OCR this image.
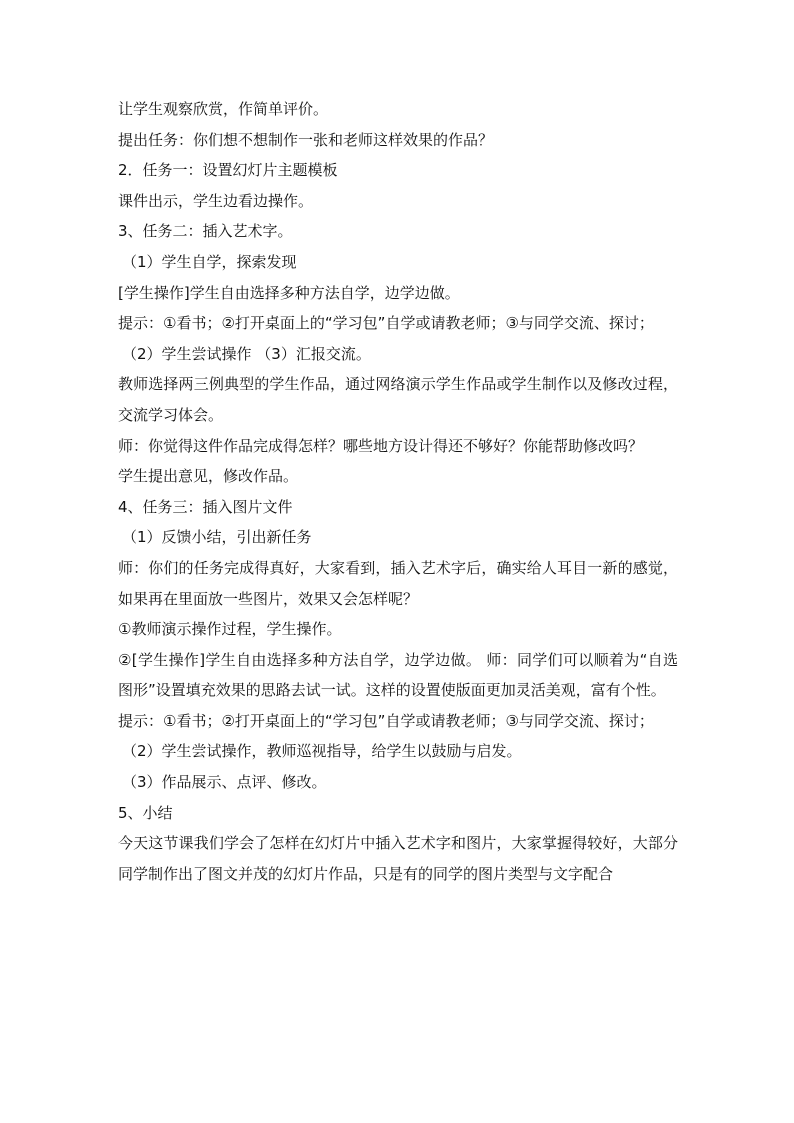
让学生观察欣赏，作简单评价。

提出任务：你们想不想制作一张和老师这样效果的作品？

2．任务一：设置幻灯片主题模板

课件出示，学生边看边操作。

3、任务二：插入艺术字。

（1）学生自学，探索发现

[学生操作]学生自由选择多种方法自学，边学边做。

提示：①看书；②打开桌面上的“学习包”自学或请教老师；③与同学交流、探讨；

（2）学生尝试操作 （3）汇报交流。

教师选择两三例典型的学生作品，通过网络演示学生作品或学生制作以及修改过程，交流学习体会。

师：你觉得这件作品完成得怎样？哪些地方设计得还不够好？你能帮助修改吗？

学生提出意见，修改作品。

4、任务三：插入图片文件

（1）反馈小结，引出新任务

师：你们的任务完成得真好，大家看到，插入艺术字后，确实给人耳目一新的感觉，如果再在里面放一些图片，效果又会怎样呢？

①教师演示操作过程，学生操作。

②[学生操作]学生自由选择多种方法自学，边学边做。 师：同学们可以顺着为“自选图形”设置填充效果的思路去试一试。这样的设置使版面更加灵活美观，富有个性。

提示：①看书；②打开桌面上的“学习包”自学或请教老师；③与同学交流、探讨；

（2）学生尝试操作，教师巡视指导，给学生以鼓励与启发。

（3）作品展示、点评、修改。

5、小结

今天这节课我们学会了怎样在幻灯片中插入艺术字和图片，大家掌握得较好，大部分同学制作出了图文并茂的幻灯片作品，只是有的同学的图片类型与文字配合
